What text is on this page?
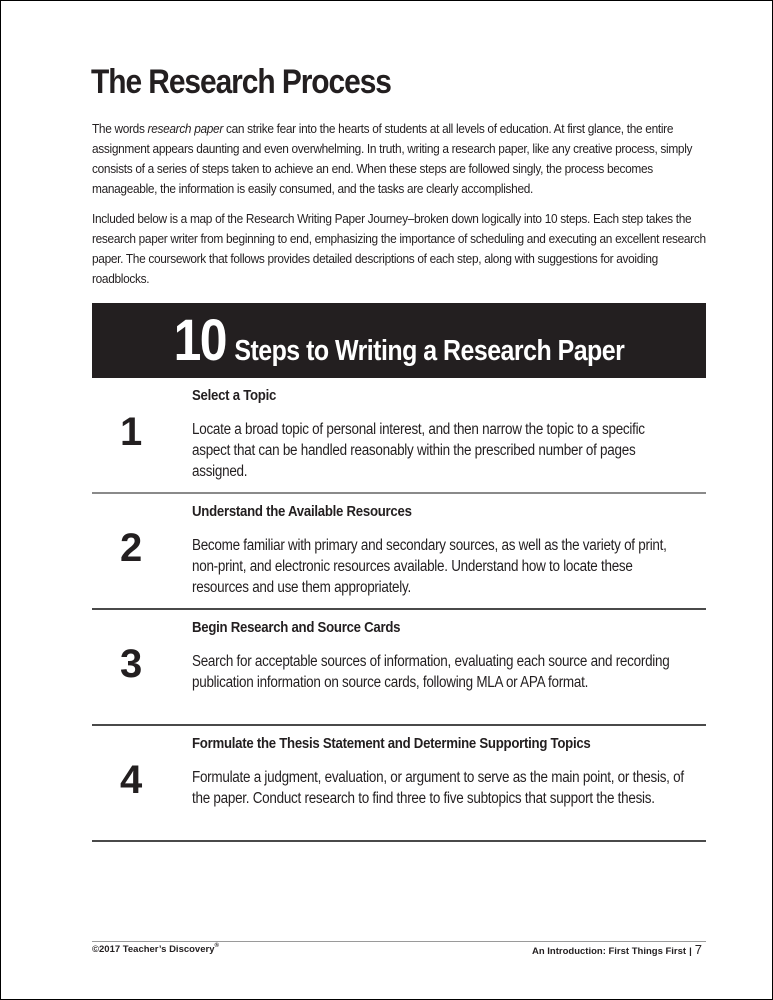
The Research Process

The words research paper can strike fear into the hearts of students at all levels of education. At first glance, the entire assignment appears daunting and even overwhelming. In truth, writing a research paper, like any creative process, simply consists of a series of steps taken to achieve an end. When these steps are followed singly, the process becomes manageable, the information is easily consumed, and the tasks are clearly accomplished.

Included below is a map of the Research Writing Paper Journey–broken down logically into 10 steps. Each step takes the research paper writer from beginning to end, emphasizing the importance of scheduling and executing an excellent research paper. The coursework that follows provides detailed descriptions of each step, along with suggestions for avoiding roadblocks.

10 Steps to Writing a Research Paper
1
Select a Topic
Locate a broad topic of personal interest, and then narrow the topic to a specific aspect that can be handled reasonably within the prescribed number of pages assigned.
2
Understand the Available Resources
Become familiar with primary and secondary sources, as well as the variety of print, non-print, and electronic resources available. Understand how to locate these resources and use them appropriately.
3
Begin Research and Source Cards
Search for acceptable sources of information, evaluating each source and recording publication information on source cards, following MLA or APA format.
4
Formulate the Thesis Statement and Determine Supporting Topics
Formulate a judgment, evaluation, or argument to serve as the main point, or thesis, of the paper. Conduct research to find three to five subtopics that support the thesis.
©2017 Teacher’s Discovery®	An Introduction: First Things First | 7
